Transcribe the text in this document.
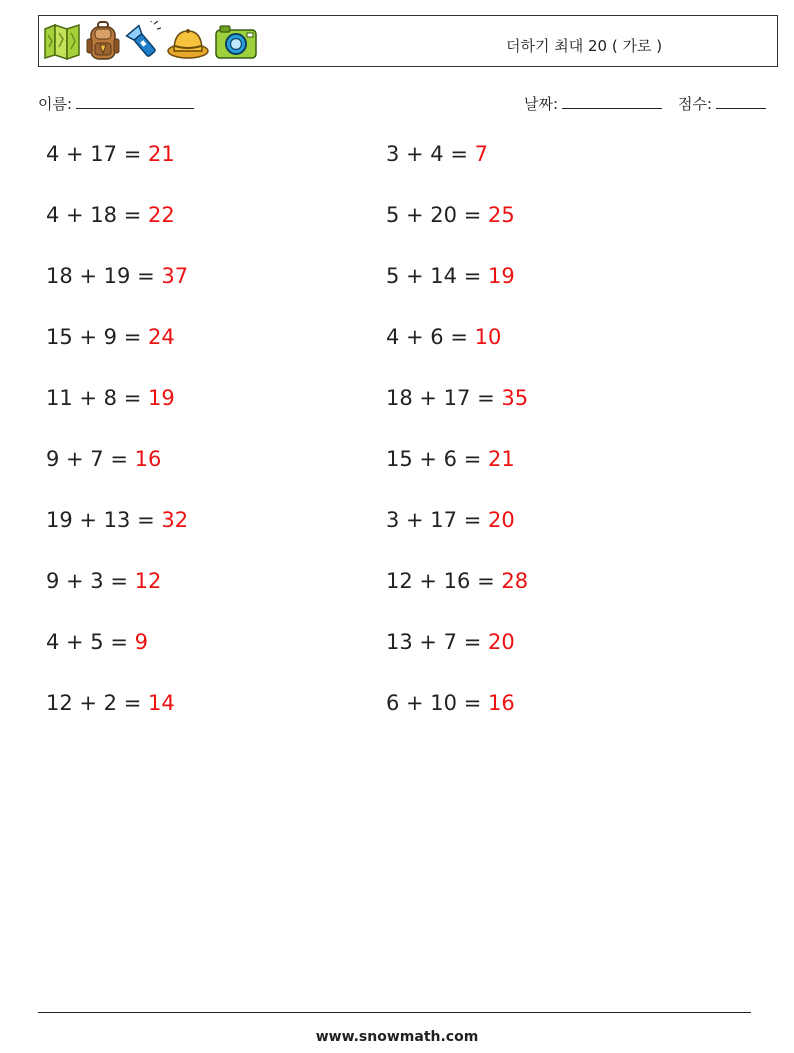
더하기 최대 20 ( 가로 )
이름:	날짜:	점수:
4 + 17 = 21	3 + 4 = 7
4 + 18 = 22	5 + 20 = 25
18 + 19 = 37	5 + 14 = 19
15 + 9 = 24	4 + 6 = 10
11 + 8 = 19	18 + 17 = 35
9 + 7 = 16	15 + 6 = 21
19 + 13 = 32	3 + 17 = 20
9 + 3 = 12	12 + 16 = 28
4 + 5 = 9	13 + 7 = 20
12 + 2 = 14	6 + 10 = 16
www.snowmath.com
